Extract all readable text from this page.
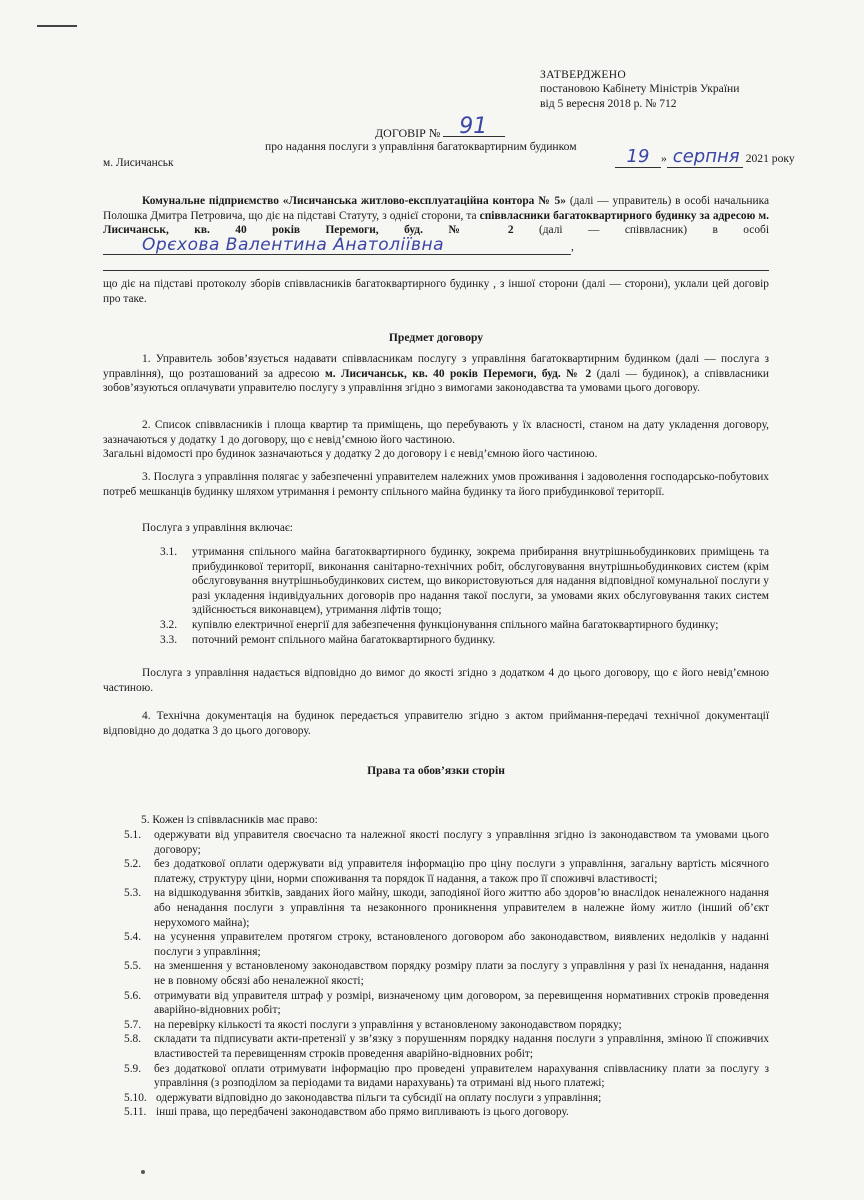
ЗАТВЕРДЖЕНО
постановою Кабінету Міністрів України
від 5 вересня 2018 р. № 712
ДОГОВІР № 91
про надання послуги з управління багатоквартирним будинком
м. Лисичанськ	19 » серпня 2021 року
Комунальне підприємство «Лисичанська житлово-експлуатаційна контора № 5» (далі — управитель) в особі начальника Полошка Дмитра Петровича, що діє на підставі Статуту, з однієї сторони, та співвласники багатоквартирного будинку за адресою м. Лисичанськ, кв. 40 років Перемоги, буд. № 2 (далі — співвласник) в особі Орєхова Валентина Анатоліївна	,
що діє на підставі протоколу зборів співвласників багатоквартирного будинку , з іншої сторони (далі — сторони), уклали цей договір про таке.
Предмет договору
1. Управитель зобов’язується надавати співвласникам послугу з управління багатоквартирним будинком (далі — послуга з управління), що розташований за адресою м. Лисичанськ, кв. 40 років Перемоги, буд. № 2 (далі — будинок), а співвласники зобов’язуються оплачувати управителю послугу з управління згідно з вимогами законодавства та умовами цього договору.
2. Список співвласників і площа квартир та приміщень, що перебувають у їх власності, станом на дату укладення договору, зазначаються у додатку 1 до договору, що є невід’ємною його частиною.
Загальні відомості про будинок зазначаються у додатку 2 до договору і є невід’ємною його частиною.
3. Послуга з управління полягає у забезпеченні управителем належних умов проживання і задоволення господарсько-побутових потреб мешканців будинку шляхом утримання і ремонту спільного майна будинку та його прибудинкової території.
Послуга з управління включає:
3.1.	утримання спільного майна багатоквартирного будинку, зокрема прибирання внутрішньобудинкових приміщень та прибудинкової території, виконання санітарно-технічних робіт, обслуговування внутрішньобудинкових систем (крім обслуговування внутрішньобудинкових систем, що використовуються для надання відповідної комунальної послуги у разі укладення індивідуальних договорів про надання такої послуги, за умовами яких обслуговування таких систем здійснюється виконавцем), утримання ліфтів тощо;
3.2.	купівлю електричної енергії для забезпечення функціонування спільного майна багатоквартирного будинку;
3.3.	поточний ремонт спільного майна багатоквартирного будинку.
Послуга з управління надається відповідно до вимог до якості згідно з додатком 4 до цього договору, що є його невід’ємною частиною.
4. Технічна документація на будинок передається управителю згідно з актом приймання-передачі технічної документації відповідно до додатка 3 до цього договору.
Права та обов’язки сторін
5. Кожен із співвласників має право:
5.1.	одержувати від управителя своєчасно та належної якості послугу з управління згідно із законодавством та умовами цього договору;
5.2.	без додаткової оплати одержувати від управителя інформацію про ціну послуги з управління, загальну вартість місячного платежу, структуру ціни, норми споживання та порядок її надання, а також про її споживчі властивості;
5.3.	на відшкодування збитків, завданих його майну, шкоди, заподіяної його життю або здоров’ю внаслідок неналежного надання або ненадання послуги з управління та незаконного проникнення управителем в належне йому житло (інший об’єкт нерухомого майна);
5.4.	на усунення управителем протягом строку, встановленого договором або законодавством, виявлених недоліків у наданні послуги з управління;
5.5.	на зменшення у встановленому законодавством порядку розміру плати за послугу з управління у разі їх ненадання, надання не в повному обсязі або неналежної якості;
5.6.	отримувати від управителя штраф у розмірі, визначеному цим договором, за перевищення нормативних строків проведення аварійно-відновних робіт;
5.7.	на перевірку кількості та якості послуги з управління у встановленому законодавством порядку;
5.8.	складати та підписувати акти-претензії у зв’язку з порушенням порядку надання послуги з управління, зміною її споживчих властивостей та перевищенням строків проведення аварійно-відновних робіт;
5.9.	без додаткової оплати отримувати інформацію про проведені управителем нарахування співвласнику плати за послугу з управління (з розподілом за періодами та видами нарахувань) та отримані від нього платежі;
5.10. одержувати відповідно до законодавства пільги та субсидії на оплату послуги з управління;
5.11. інші права, що передбачені законодавством або прямо випливають із цього договору.
